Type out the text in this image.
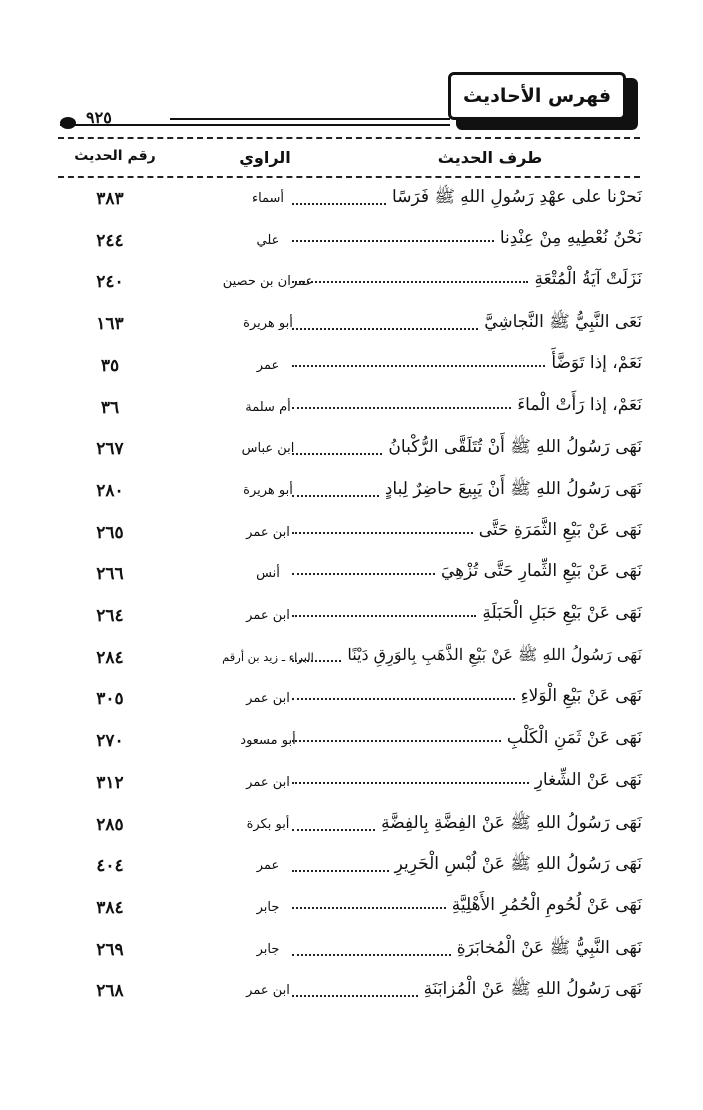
فهرس الأحاديث
٩٢٥
رقم الحديث	الراوي	طرف الحديث
٣٨٣	أسماء	نَحرْنا على عهْدِ رَسُولِ اللهِ ﷺ فَرَسًا
٢٤٤	علي	نَحْنُ نُعْطِيهِ مِنْ عِنْدِنا
٢٤٠	عمران بن حصين	نَزَلَتْ آيَةُ الْمُتْعَةِ
١٦٣	أبو هريرة	نَعَى النَّبِيُّ ﷺ النَّجاشِيَّ
٣٥	عمر	نَعَمْ، إذا تَوَضَّأَ
٣٦	أم سلمة	نَعَمْ، إذا رَأَتْ الْماءَ
٢٦٧	ابن عباس	نَهَى رَسُولُ اللهِ ﷺ أَنْ تُتَلَقَّى الرُّكْبانُ
٢٨٠	أبو هريرة	نَهَى رَسُولُ اللهِ ﷺ أَنْ يَبِيعَ حاضِرٌ لِبادٍ
٢٦٥	ابن عمر	نَهَى عَنْ بَيْعِ الثَّمَرَةِ حَتَّى
٢٦٦	أنس	نَهَى عَنْ بَيْعِ الثِّمارِ حَتَّى تُزْهِيَ
٢٦٤	ابن عمر	نَهَى عَنْ بَيْعِ حَبَلِ الْحَبَلَةِ
٢٨٤	البراء ـ زيد بن أرقم	نَهَى رَسُولُ اللهِ ﷺ عَنْ بَيْعِ الذَّهَبِ بِالوَرِقِ دَيْنًا
٣٠٥	ابن عمر	نَهَى عَنْ بَيْعِ الْوَلاءِ
٢٧٠	أبو مسعود	نَهَى عَنْ ثَمَنِ الْكَلْبِ
٣١٢	ابن عمر	نَهَى عَنْ الشِّغارِ
٢٨٥	أبو بكرة	نَهَى رَسُولُ اللهِ ﷺ عَنْ الفِضَّةِ بِالفِضَّةِ
٤٠٤	عمر	نَهَى رَسُولُ اللهِ ﷺ عَنْ لُبْسِ الْحَرِيرِ
٣٨٤	جابر	نَهَى عَنْ لُحُومِ الْحُمُرِ الأَهْلِيَّةِ
٢٦٩	جابر	نَهَى النَّبِيُّ ﷺ عَنْ الْمُخابَرَةِ
٢٦٨	ابن عمر	نَهَى رَسُولُ اللهِ ﷺ عَنْ الْمُزابَنَةِ
